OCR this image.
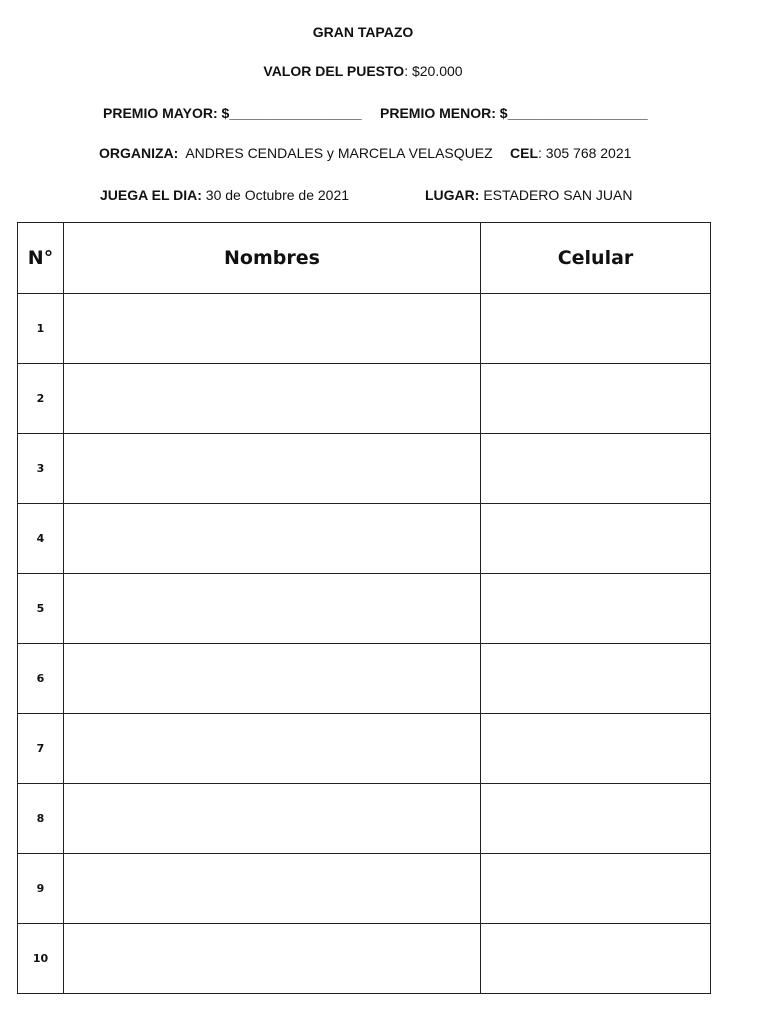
GRAN TAPAZO
VALOR DEL PUESTO: $20.000
PREMIO MAYOR: $_________________ PREMIO MENOR: $__________________
ORGANIZA:  ANDRES CENDALES y MARCELA VELASQUEZ CEL: 305 768 2021
JUEGA EL DIA: 30 de Octubre de 2021	LUGAR: ESTADERO SAN JUAN
N°	Nombres	Celular
1		
2		
3		
4		
5		
6		
7		
8		
9		
10		
